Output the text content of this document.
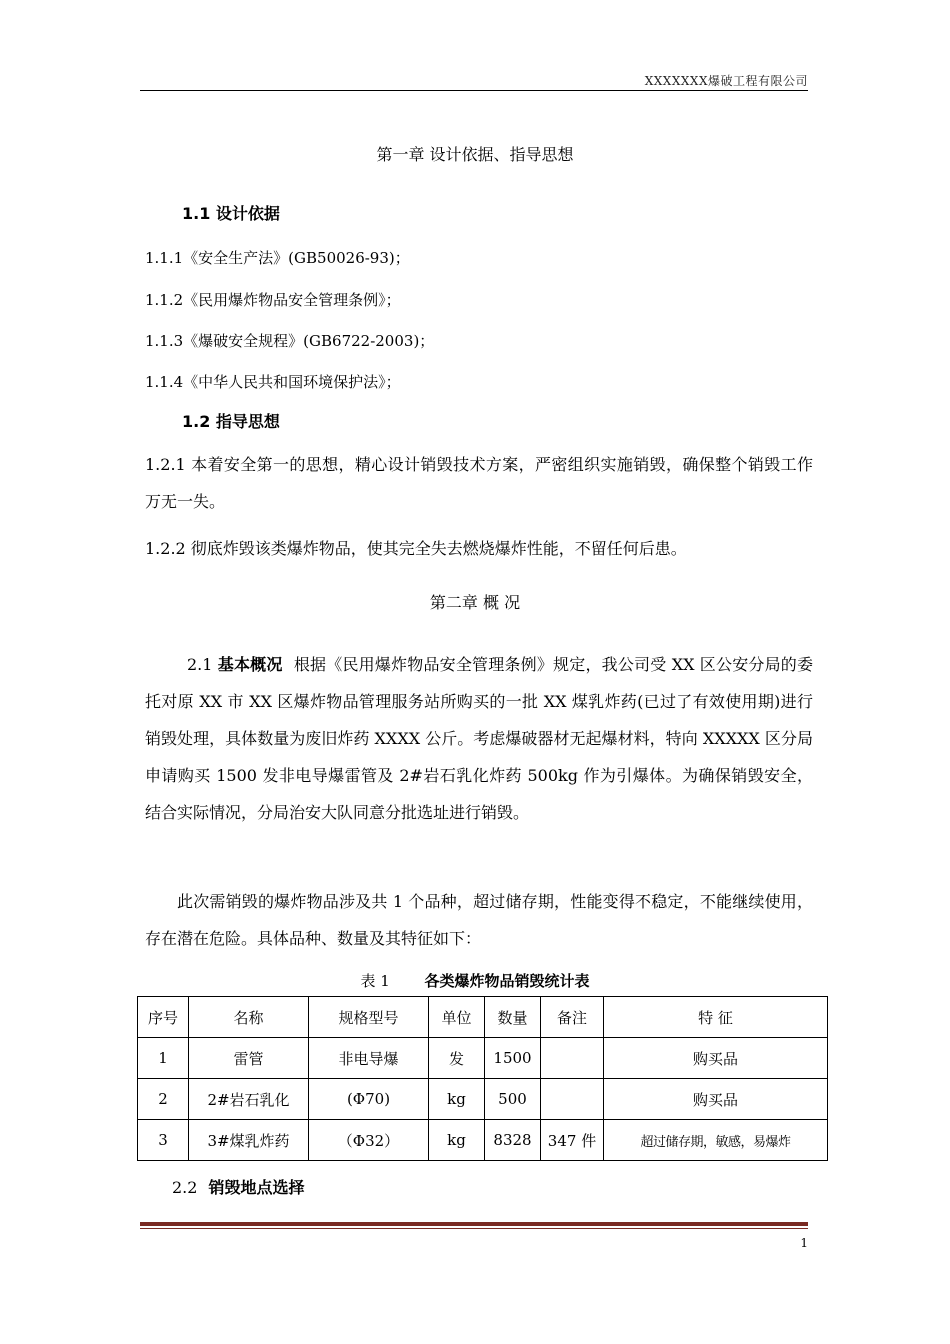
XXXXXXX爆破工程有限公司
第一章 设计依据、指导思想
1.1 设计依据
1.1.1《安全生产法》(GB50026-93)；
1.1.2《民用爆炸物品安全管理条例》；
1.1.3《爆破安全规程》(GB6722-2003)；
1.1.4《中华人民共和国环境保护法》；
1.2 指导思想
1.2.1 本着安全第一的思想，精心设计销毁技术方案，严密组织实施销毁，确保整个销毁工作万无一失。
1.2.2 彻底炸毁该类爆炸物品，使其完全失去燃烧爆炸性能，不留任何后患。
第二章 概 况
2.1 基本概况 根据《民用爆炸物品安全管理条例》规定，我公司受 XX 区公安分局的委托对原 XX 市 XX 区爆炸物品管理服务站所购买的一批 XX 煤乳炸药(已过了有效使用期)进行销毁处理，具体数量为废旧炸药 XXXX 公斤。考虑爆破器材无起爆材料，特向 XXXXX 区分局申请购买 1500 发非电导爆雷管及 2#岩石乳化炸药 500kg 作为引爆体。为确保销毁安全，结合实际情况，分局治安大队同意分批选址进行销毁。
此次需销毁的爆炸物品涉及共 1 个品种，超过储存期，性能变得不稳定，不能继续使用，存在潜在危险。具体品种、数量及其特征如下：
表 1 各类爆炸物品销毁统计表
序号	名称	规格型号	单位	数量	备注	特 征
1	雷管	非电导爆	发	1500		购买品
2	2#岩石乳化	(Φ70)	kg	500		购买品
3	3#煤乳炸药	（Φ32）	kg	8328	347 件	超过储存期，敏感，易爆炸
2.2 销毁地点选择
1
